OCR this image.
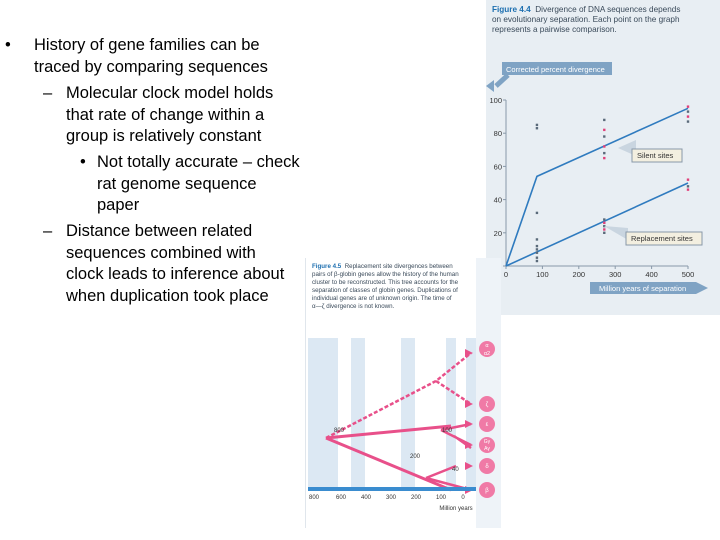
• History of gene families can be
traced by comparing sequences
– Molecular clock model holds
that rate of change within a
group is relatively constant
• Not totally accurate – check
rat genome sequence
paper
– Distance between related
sequences combined with
clock leads to inference about
when duplication took place
Figure 4.4 Divergence of DNA sequences depends
on evolutionary separation. Each point on the graph
represents a pairwise comparison.
Corrected percent divergence
20
40
60
80
100
0	100	200	300	400	500
Silent sites
Replacement sites
Million years of separation
Figure 4.5 Replacement site divergences between
pairs of β-globin genes allow the history of the human
cluster to be reconstructed. This tree accounts for the
separation of classes of globin genes. Duplications of
individual genes are of unknown origin. The time of
α—ζ divergence is not known.
α
α2
ζ
ε
Gγ
Aγ
δ
β
800	100
200
40
800	600 400 300 200 100	0
Million years
